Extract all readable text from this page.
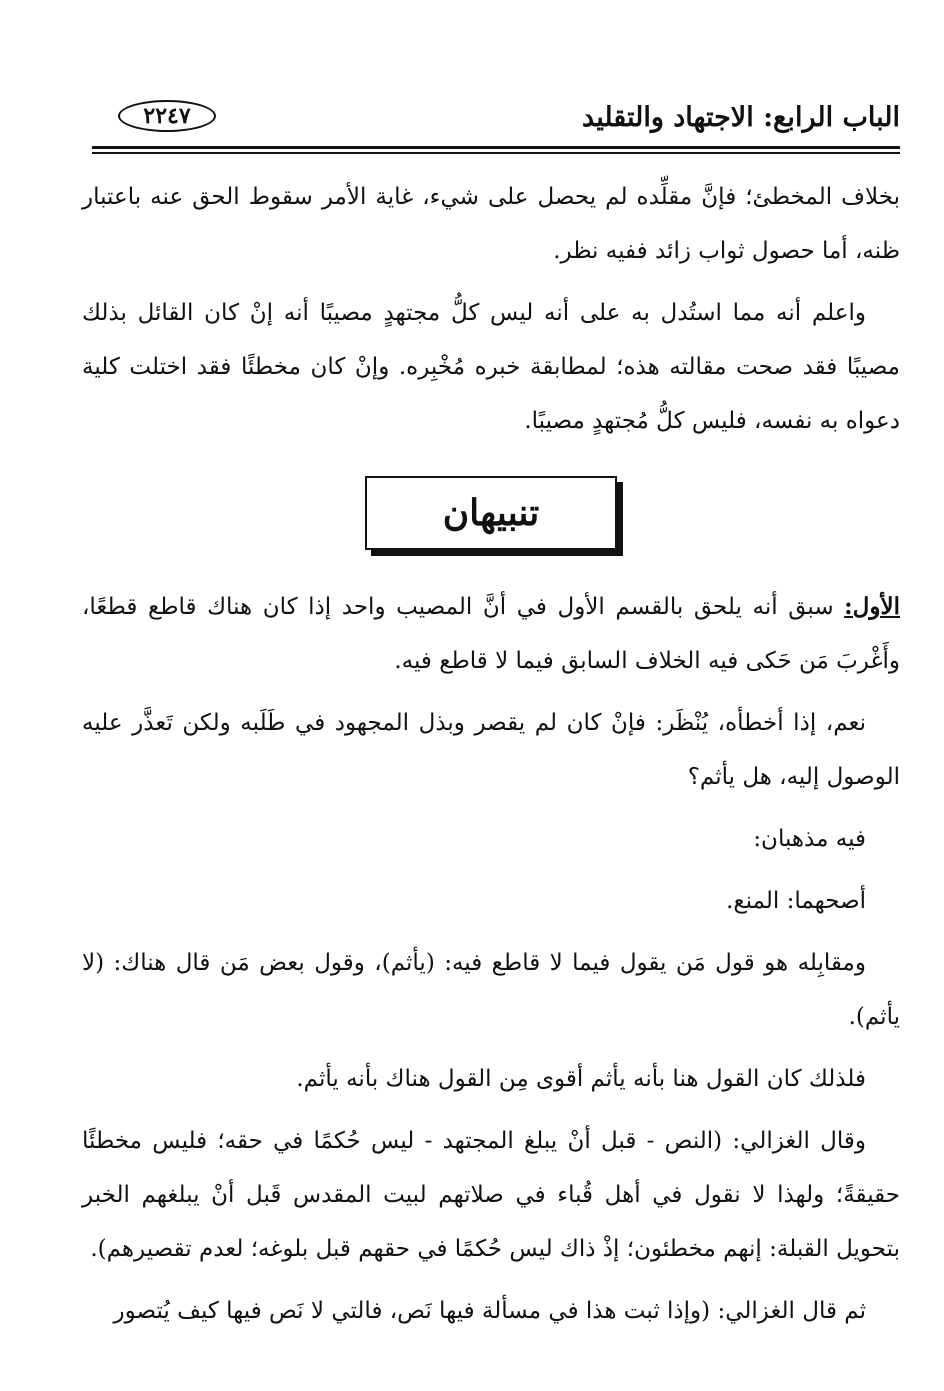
الباب الرابع: الاجتهاد والتقليد
٢٢٤٧

بخلاف المخطئ؛ فإنَّ مقلِّده لم يحصل على شيء، غاية الأمر سقوط الحق عنه باعتبار ظنه، أما حصول ثواب زائد ففيه نظر.

واعلم أنه مما استُدل به على أنه ليس كلُّ مجتهدٍ مصيبًا أنه إنْ كان القائل بذلك مصيبًا فقد صحت مقالته هذه؛ لمطابقة خبره مُخْبِره. وإنْ كان مخطئًا فقد اختلت كلية دعواه به نفسه، فليس كلُّ مُجتهدٍ مصيبًا.

تنبيهان

الأول: سبق أنه يلحق بالقسم الأول في أنَّ المصيب واحد إذا كان هناك قاطع قطعًا، وأَغْربَ مَن حَكى فيه الخلاف السابق فيما لا قاطع فيه.

نعم، إذا أخطأه، يُنْظَر: فإنْ كان لم يقصر وبذل المجهود في طَلَبه ولكن تَعذَّر عليه الوصول إليه، هل يأثم؟

فيه مذهبان:

أصحهما: المنع.

ومقابِله هو قول مَن يقول فيما لا قاطع فيه: (يأثم)، وقول بعض مَن قال هناك: (لا يأثم).

فلذلك كان القول هنا بأنه يأثم أقوى مِن القول هناك بأنه يأثم.

وقال الغزالي: (النص - قبل أنْ يبلغ المجتهد - ليس حُكمًا في حقه؛ فليس مخطئًا حقيقةً؛ ولهذا لا نقول في أهل قُباء في صلاتهم لبيت المقدس قَبل أنْ يبلغهم الخبر بتحويل القبلة: إنهم مخطئون؛ إذْ ذاك ليس حُكمًا في حقهم قبل بلوغه؛ لعدم تقصيرهم).

ثم قال الغزالي: (وإذا ثبت هذا في مسألة فيها نَص، فالتي لا نَص فيها كيف يُتصور
